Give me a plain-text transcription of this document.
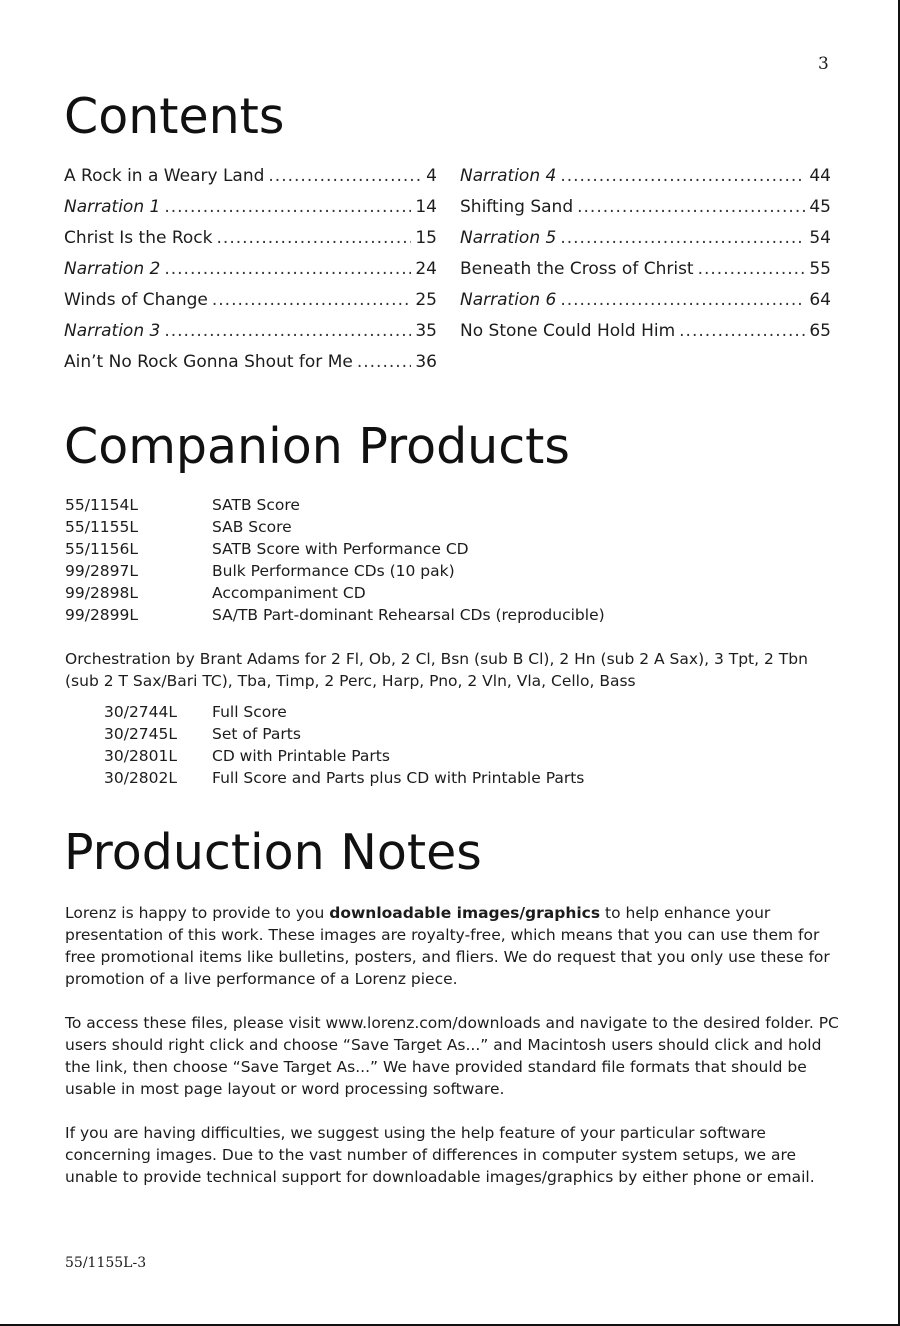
3
Contents
A Rock in a Weary Land .....	4
Narration 1 .....	14
Christ Is the Rock .....	15
Narration 2 .....	24
Winds of Change .....	25
Narration 3 .....	35
Ain’t No Rock Gonna Shout for Me .....	36
Narration 4 .....	44
Shifting Sand .....	45
Narration 5 .....	54
Beneath the Cross of Christ .....	55
Narration 6 .....	64
No Stone Could Hold Him .....	65
Companion Products
55/1154L	SATB Score
55/1155L	SAB Score
55/1156L	SATB Score with Performance CD
99/2897L	Bulk Performance CDs (10 pak)
99/2898L	Accompaniment CD
99/2899L	SA/TB Part-dominant Rehearsal CDs (reproducible)

Orchestration by Brant Adams for 2 Fl, Ob, 2 Cl, Bsn (sub B Cl), 2 Hn (sub 2 A Sax), 3 Tpt, 2 Tbn (sub 2 T Sax/Bari TC), Tba, Timp, 2 Perc, Harp, Pno, 2 Vln, Vla, Cello, Bass

30/2744L	Full Score
30/2745L	Set of Parts
30/2801L	CD with Printable Parts
30/2802L	Full Score and Parts plus CD with Printable Parts
Production Notes

Lorenz is happy to provide to you downloadable images/graphics to help enhance your presentation of this work. These images are royalty-free, which means that you can use them for free promotional items like bulletins, posters, and fliers. We do request that you only use these for promotion of a live performance of a Lorenz piece.

To access these files, please visit www.lorenz.com/downloads and navigate to the desired folder. PC users should right click and choose “Save Target As...” and Macintosh users should click and hold the link, then choose “Save Target As...” We have provided standard file formats that should be usable in most page layout or word processing software.

If you are having difficulties, we suggest using the help feature of your particular software concerning images. Due to the vast number of differences in computer system setups, we are unable to provide technical support for downloadable images/graphics by either phone or email.

55/1155L-3
